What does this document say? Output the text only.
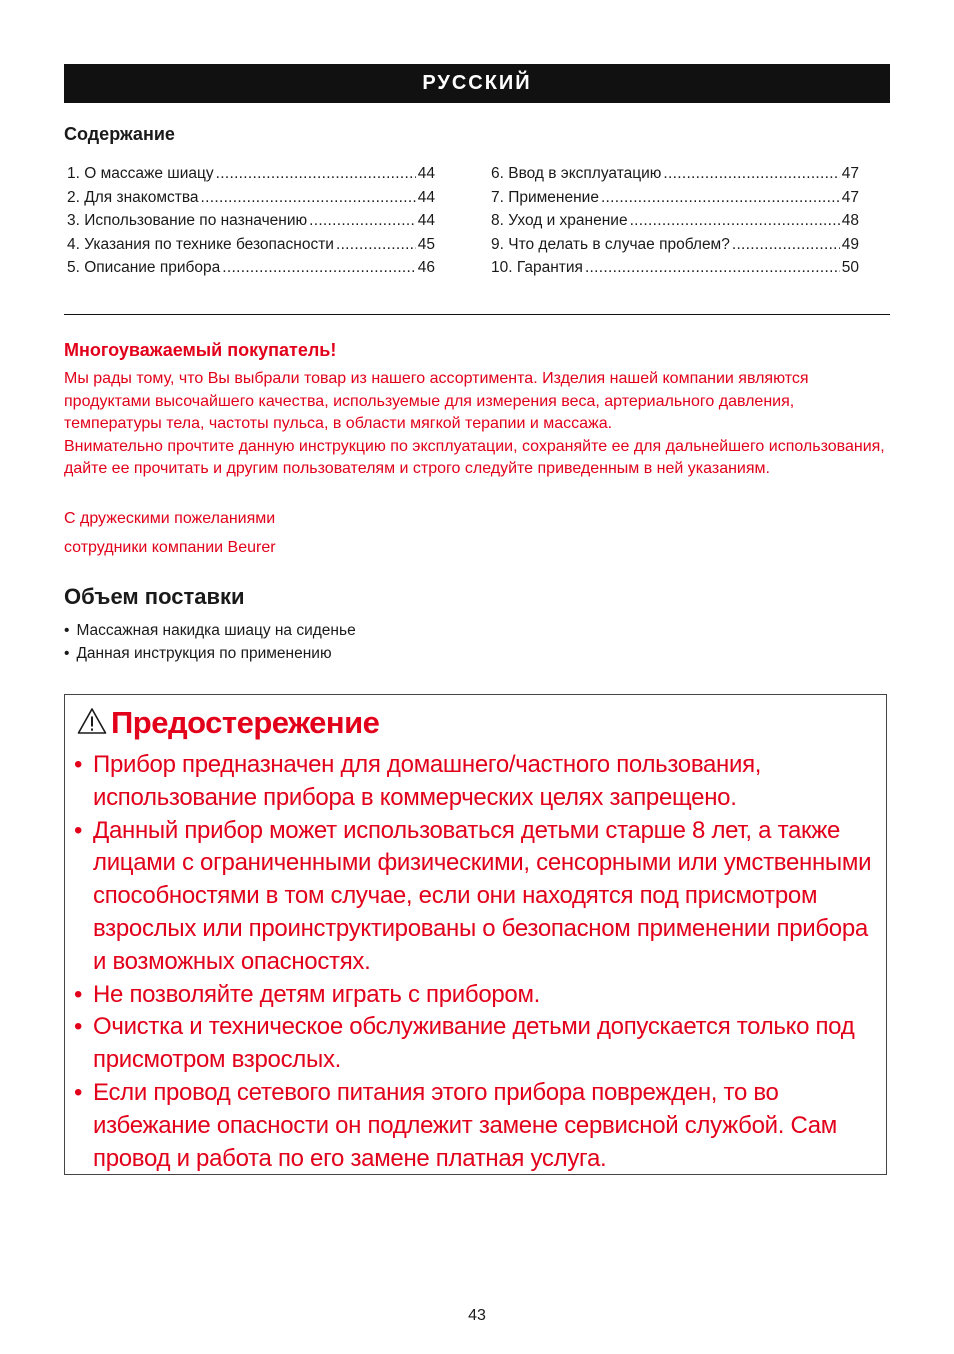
РУССКИЙ
Содержание
1. О массаже шиацу .....	44
2. Для знакомства .....	44
3. Использование по назначению .....	44
4. Указания по технике безопасности .....	45
5. Описание прибора .....	46
6. Ввод в эксплуатацию .....	47
7. Применение .....	47
8. Уход и хранение .....	48
9. Что делать в случае проблем? .....	49
10. Гарантия .....	50
Многоуважаемый покупатель!

Мы рады тому, что Вы выбрали товар из нашего ассортимента. Изделия нашей компании являются продуктами высочайшего качества, используемые для измерения веса, артериального давления, температуры тела, частоты пульса, в области мягкой терапии и массажа.

Внимательно прочтите данную инструкцию по эксплуатации, сохраняйте ее для дальнейшего использования, дайте ее прочитать и другим пользователям и строго следуйте приведенным в ней указаниям.

С дружескими пожеланиями
сотрудники компании Beurer
Объем поставки
• Массажная накидка шиацу на сиденье
• Данная инструкция по применению
Предостережение
• Прибор предназначен для домашнего/частного пользования, использование прибора в коммерческих целях запрещено.
• Данный прибор может использоваться детьми старше 8 лет, а также лицами с ограниченными физическими, сенсорными или умственными способностями в том случае, если они находятся под присмотром взрослых или проинструктированы о безопасном применении прибора и возможных опасностях.
• Не позволяйте детям играть с прибором.
• Очистка и техническое обслуживание детьми допускается только под присмотром взрослых.
• Если провод сетевого питания этого прибора поврежден, то во избежание опасности он подлежит замене сервисной службой. Сам провод и работа по его замене платная услуга.
43
